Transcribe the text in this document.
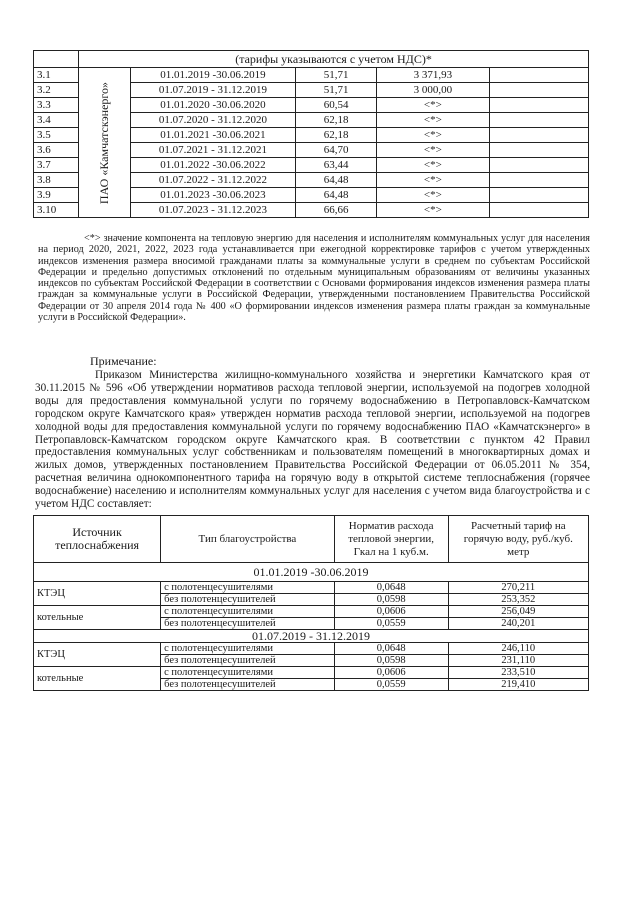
	(тарифы указываются с учетом НДС)*				
3.1	ПАО «Камчатскэнерго»	01.01.2019 -30.06.2019	51,71	3 371,93	
3.2		01.07.2019 - 31.12.2019	51,71	3 000,00	
3.3		01.01.2020 -30.06.2020	60,54	<*>	
3.4		01.07.2020 - 31.12.2020	62,18	<*>	
3.5		01.01.2021 -30.06.2021	62,18	<*>	
3.6		01.07.2021 - 31.12.2021	64,70	<*>	
3.7		01.01.2022 -30.06.2022	63,44	<*>	
3.8		01.07.2022 - 31.12.2022	64,48	<*>	
3.9		01.01.2023 -30.06.2023	64,48	<*>	
3.10		01.07.2023 - 31.12.2023	66,66	<*>	
<*> значение компонента на тепловую энергию для населения и исполнителям коммунальных услуг для населения на период 2020, 2021, 2022, 2023 года устанавливается при ежегодной корректировке тарифов с учетом утвержденных индексов изменения размера вносимой гражданами платы за коммунальные услуги в среднем по субъектам Российской Федерации и предельно допустимых отклонений по отдельным муниципальным образованиям от величины указанных индексов по субъектам Российской Федерации в соответствии с Основами формирования индексов изменения размера платы граждан за коммунальные услуги в Российской Федерации, утвержденными постановлением Правительства Российской Федерации от 30 апреля 2014 года № 400 «О формировании индексов изменения размера платы граждан за коммунальные услуги в Российской Федерации».
Примечание:
Приказом Министерства жилищно-коммунального хозяйства и энергетики Камчатского края от 30.11.2015 № 596 «Об утверждении нормативов расхода тепловой энергии, используемой на подогрев холодной воды для предоставления коммунальной услуги по горячему водоснабжению в Петропавловск-Камчатском городском округе Камчатского края» утвержден норматив расхода тепловой энергии, используемой на подогрев холодной воды для предоставления коммунальной услуги по горячему водоснабжению ПАО «Камчатскэнерго» в Петропавловск-Камчатском городском округе Камчатского края. В соответствии с пунктом 42 Правил предоставления коммунальных услуг собственникам и пользователям помещений в многоквартирных домах и жилых домов, утвержденных постановлением Правительства Российской Федерации от 06.05.2011 № 354, расчетная величина однокомпонентного тарифа на горячую воду в открытой системе теплоснабжения (горячее водоснабжение) населению и исполнителям коммунальных услуг для населения с учетом вида благоустройства и с учетом НДС составляет:
Источник теплоснабжения	Тип благоустройства	Норматив расхода тепловой энергии, Гкал на 1 куб.м.	Расчетный тариф на горячую воду, руб./куб. метр
01.01.2019 -30.06.2019			
КТЭЦ	с полотенцесушителями	0,0648	270,211
	без полотенцесушителей	0,0598	253,352
котельные	с полотенцесушителями	0,0606	256,049
	без полотенцесушителей	0,0559	240,201
01.07.2019 - 31.12.2019			
КТЭЦ	с полотенцесушителями	0,0648	246,110
	без полотенцесушителей	0,0598	231,110
котельные	с полотенцесушителями	0,0606	233,510
	без полотенцесушителей	0,0559	219,410
